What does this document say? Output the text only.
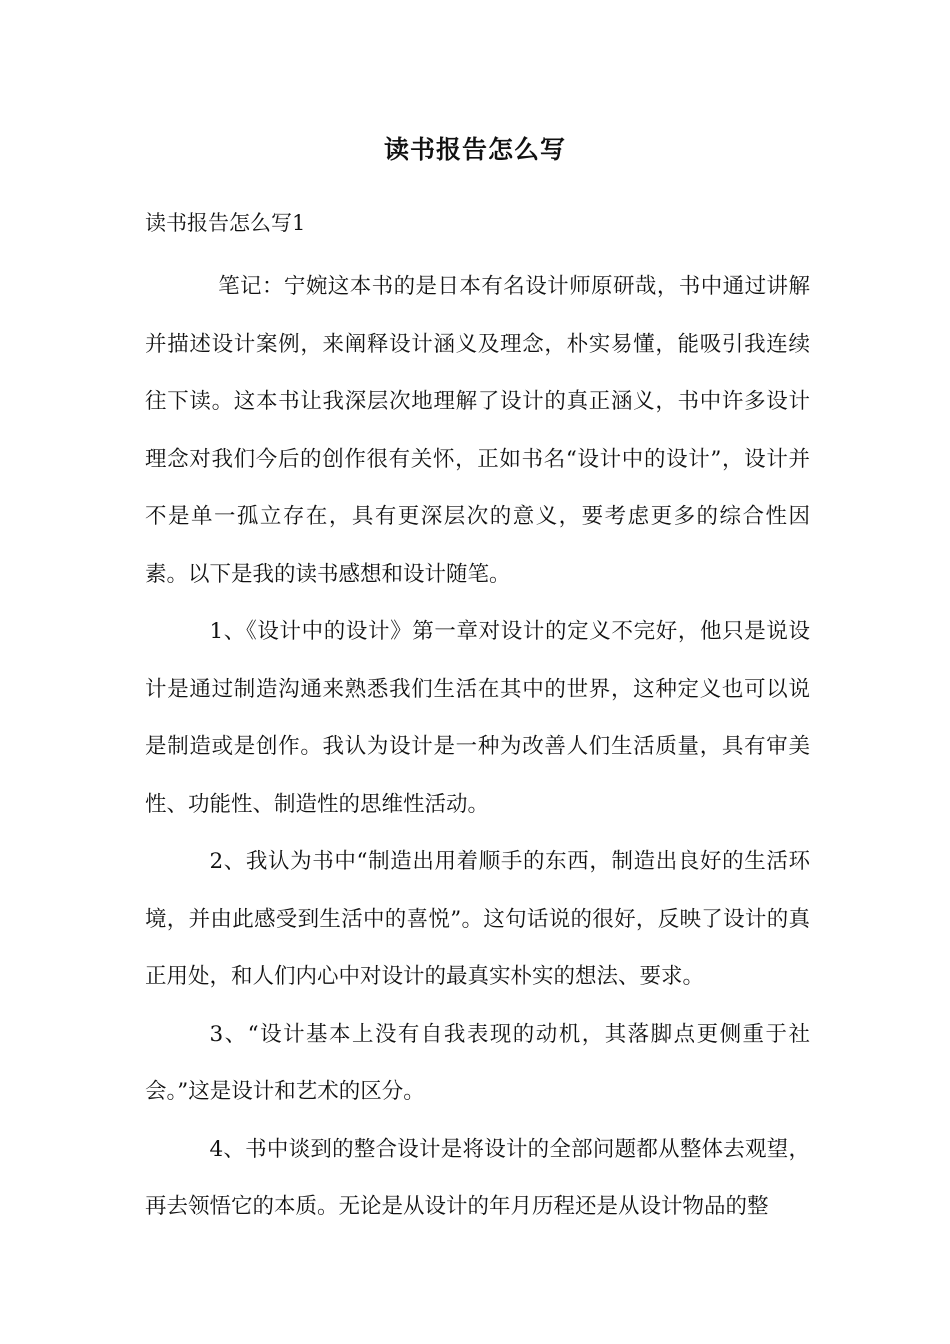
读书报告怎么写
读书报告怎么写1

笔记：宁婉这本书的是日本有名设计师原研哉，书中通过讲解并描述设计案例，来阐释设计涵义及理念，朴实易懂，能吸引我连续往下读。这本书让我深层次地理解了设计的真正涵义，书中许多设计理念对我们今后的创作很有关怀，正如书名“设计中的设计”，设计并不是单一孤立存在，具有更深层次的意义，要考虑更多的综合性因素。以下是我的读书感想和设计随笔。

1、《设计中的设计》第一章对设计的定义不完好，他只是说设计是通过制造沟通来熟悉我们生活在其中的世界，这种定义也可以说是制造或是创作。我认为设计是一种为改善人们生活质量，具有审美性、功能性、制造性的思维性活动。

2、我认为书中“制造出用着顺手的东西，制造出良好的生活环境，并由此感受到生活中的喜悦”。这句话说的很好，反映了设计的真正用处，和人们内心中对设计的最真实朴实的想法、要求。

3、“设计基本上没有自我表现的动机，其落脚点更侧重于社会。”这是设计和艺术的区分。

4、书中谈到的整合设计是将设计的全部问题都从整体去观望，再去领悟它的本质。无论是从设计的年月历程还是从设计物品的整
